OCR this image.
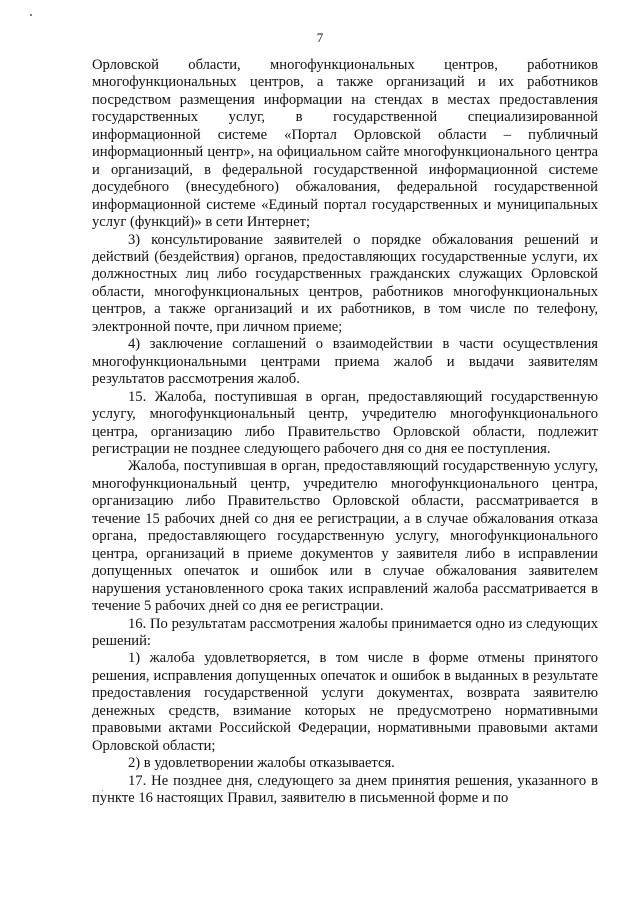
7

Орловской области, многофункциональных центров, работников многофункциональных центров, а также организаций и их работников посредством размещения информации на стендах в местах предоставления государственных услуг, в государственной специализированной информационной системе «Портал Орловской области – публичный информационный центр», на официальном сайте многофункционального центра и организаций, в федеральной государственной информационной системе досудебного (внесудебного) обжалования, федеральной государственной информационной системе «Единый портал государственных и муниципальных услуг (функций)» в сети Интернет;

3) консультирование заявителей о порядке обжалования решений и действий (бездействия) органов, предоставляющих государственные услуги, их должностных лиц либо государственных гражданских служащих Орловской области, многофункциональных центров, работников многофункциональных центров, а также организаций и их работников, в том числе по телефону, электронной почте, при личном приеме;

4) заключение соглашений о взаимодействии в части осуществления многофункциональными центрами приема жалоб и выдачи заявителям результатов рассмотрения жалоб.

15. Жалоба, поступившая в орган, предоставляющий государственную услугу, многофункциональный центр, учредителю многофункционального центра, организацию либо Правительство Орловской области, подлежит регистрации не позднее следующего рабочего дня со дня ее поступления.

Жалоба, поступившая в орган, предоставляющий государственную услугу, многофункциональный центр, учредителю многофункционального центра, организацию либо Правительство Орловской области, рассматривается в течение 15 рабочих дней со дня ее регистрации, а в случае обжалования отказа органа, предоставляющего государственную услугу, многофункционального центра, организаций в приеме документов у заявителя либо в исправлении допущенных опечаток и ошибок или в случае обжалования заявителем нарушения установленного срока таких исправлений жалоба рассматривается в течение 5 рабочих дней со дня ее регистрации.

16. По результатам рассмотрения жалобы принимается одно из следующих решений:

1) жалоба удовлетворяется, в том числе в форме отмены принятого решения, исправления допущенных опечаток и ошибок в выданных в результате предоставления государственной услуги документах, возврата заявителю денежных средств, взимание которых не предусмотрено нормативными правовыми актами Российской Федерации, нормативными правовыми актами Орловской области;

2) в удовлетворении жалобы отказывается.

17. Не позднее дня, следующего за днем принятия решения, указанного в пункте 16 настоящих Правил, заявителю в письменной форме и по
